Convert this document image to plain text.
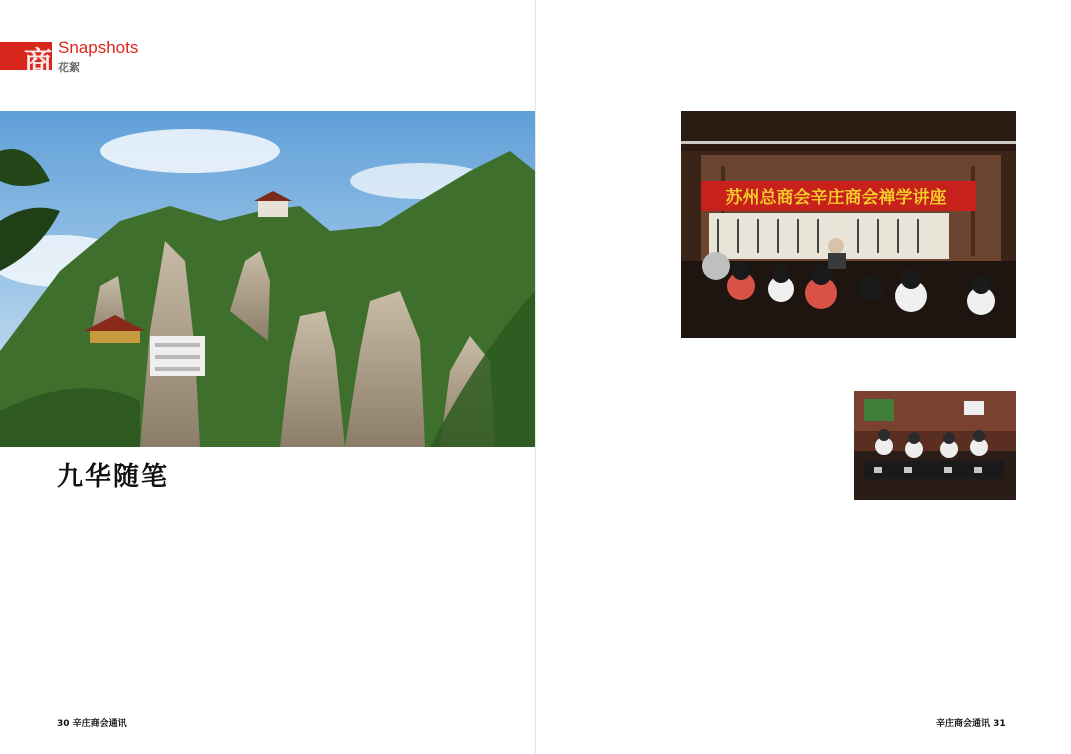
商 Snapshots
花絮
九华随笔

苏州总商会辛庄商会禅学讲座

30 辛庄商会通讯	辛庄商会通讯 31
